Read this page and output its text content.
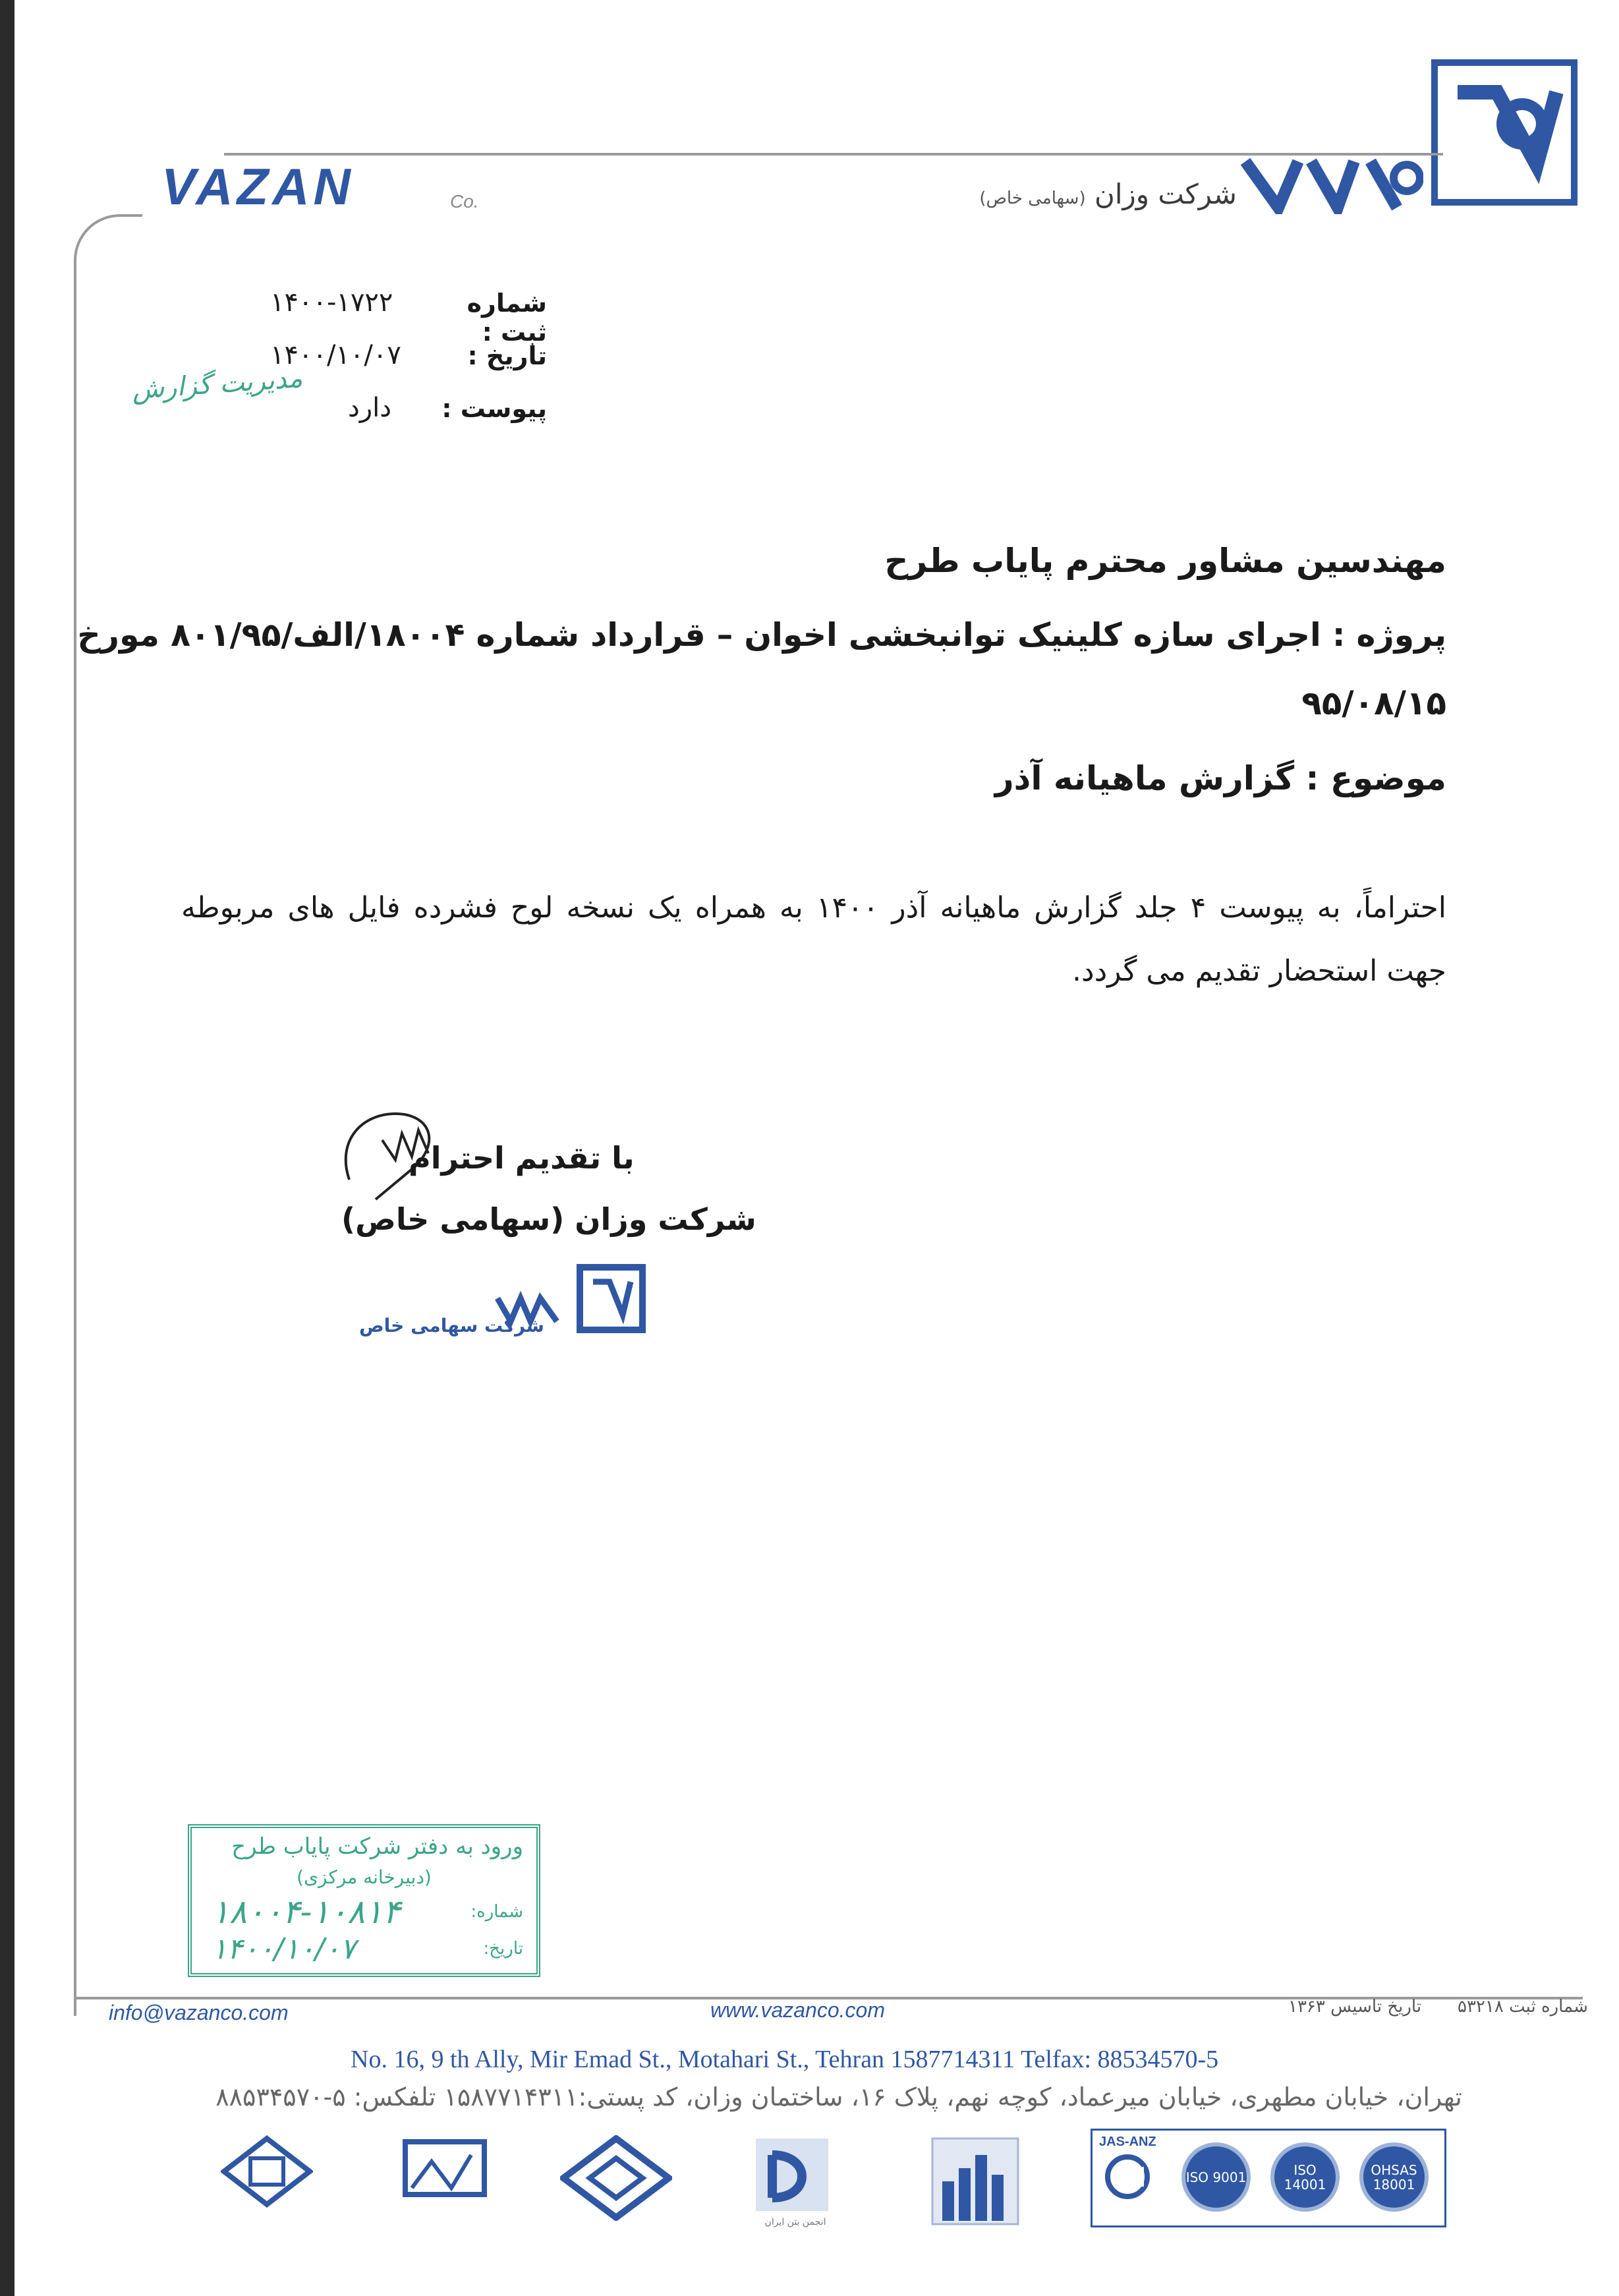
شرکت وزان (سهامی خاص)
VAZAN	Co.
شماره ثبت :
۱۴۰۰-۱۷۲۲
تاریخ :
۱۴۰۰/۱۰/۰۷
پیوست :
دارد
مدیریت گزارش
مهندسین مشاور محترم پایاب طرح
پروژه : اجرای سازه کلینیک توانبخشی اخوان – قرارداد شماره ۱۸۰۰۴/الف/۸۰۱/۹۵ مورخ
۹۵/۰۸/۱۵
موضوع : گزارش ماهیانه آذر
احتراماً، به پیوست ۴ جلد گزارش ماهیانه آذر ۱۴۰۰ به همراه یک نسخه لوح فشرده فایل های مربوطه جهت استحضار تقدیم می گردد.
با تقدیم احترام
شرکت وزان (سهامی خاص)
شرکت سهامی خاص
ورود به دفتر شرکت پایاب طرح
(دبیرخانه مرکزی)
شماره:
۱۸۰۰۴-۱۰۸۱۴
تاریخ:
۱۴۰۰/۱۰/۰۷
info@vazanco.com	www.vazanco.com	تاریخ تاسیس ۱۳۶۳ شماره ثبت ۵۳۲۱۸
No. 16, 9 th Ally, Mir Emad St., Motahari St., Tehran 1587714311 Telfax: 88534570-5
تهران، خیابان مطهری، خیابان میرعماد، کوچه نهم، پلاک ۱۶، ساختمان وزان، کد پستی:۱۵۸۷۷۱۴۳۱۱ تلفکس: ۵-۸۸۵۳۴۵۷۰
انجمن بتن ایران
JAS-ANZ
ISO 9001	ISO 14001
OHSAS 18001
